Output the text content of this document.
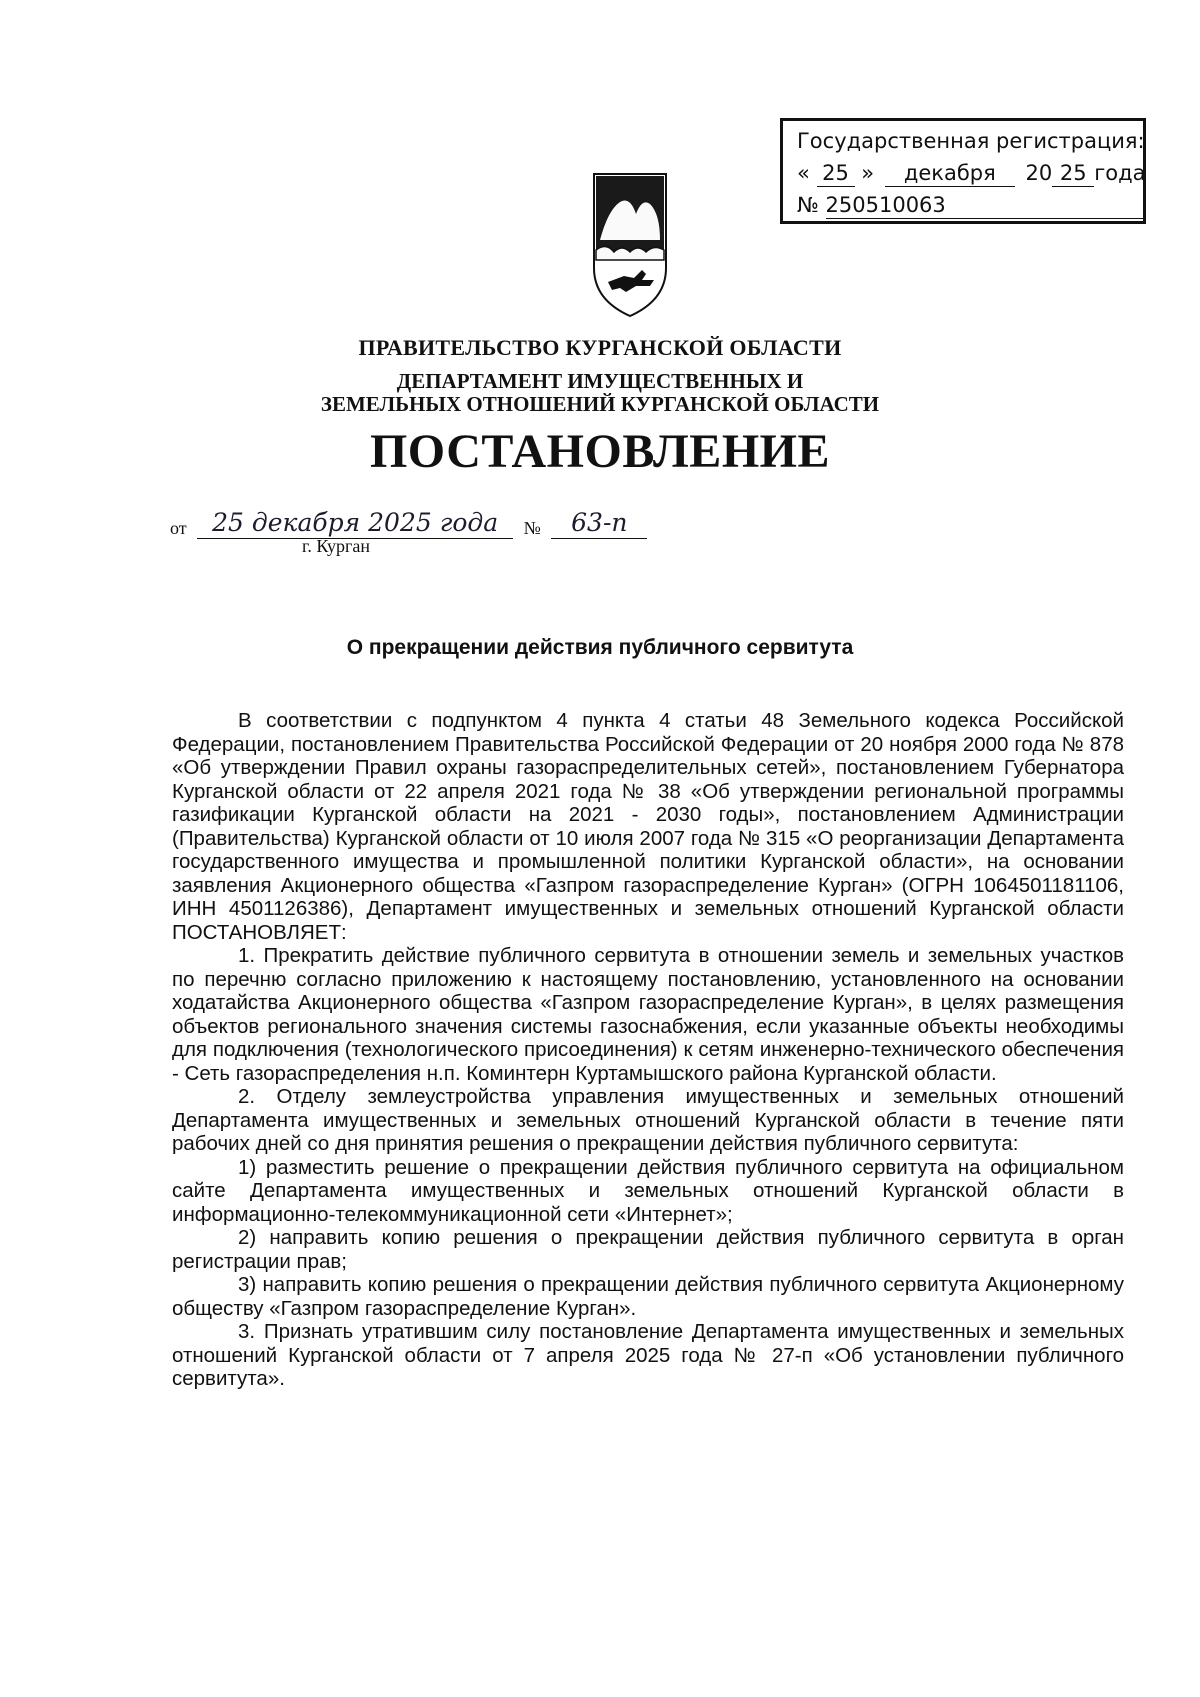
Государственная регистрация:
« 25 » декабря 20 25 года
№ 250510063
ПРАВИТЕЛЬСТВО КУРГАНСКОЙ ОБЛАСТИ
ДЕПАРТАМЕНТ ИМУЩЕСТВЕННЫХ И
ЗЕМЕЛЬНЫХ ОТНОШЕНИЙ КУРГАНСКОЙ ОБЛАСТИ
ПОСТАНОВЛЕНИЕ
от 25 декабря 2025 года № 63-п
г. Курган
О прекращении действия публичного сервитута

В соответствии с подпунктом 4 пункта 4 статьи 48 Земельного кодекса Российской Федерации, постановлением Правительства Российской Федерации от 20 ноября 2000 года № 878 «Об утверждении Правил охраны газораспределительных сетей», постановлением Губернатора Курганской области от 22 апреля 2021 года № 38 «Об утверждении региональной программы газификации Курганской области на 2021 - 2030 годы», постановлением Администрации (Правительства) Курганской области от 10 июля 2007 года № 315 «О реорганизации Департамента государственного имущества и промышленной политики Курганской области», на основании заявления Акционерного общества «Газпром газораспределение Курган» (ОГРН 1064501181106, ИНН 4501126386), Департамент имущественных и земельных отношений Курганской области ПОСТАНОВЛЯЕТ:

1. Прекратить действие публичного сервитута в отношении земель и земельных участков по перечню согласно приложению к настоящему постановлению, установленного на основании ходатайства Акционерного общества «Газпром газораспределение Курган», в целях размещения объектов регионального значения системы газоснабжения, если указанные объекты необходимы для подключения (технологического присоединения) к сетям инженерно-технического обеспечения - Сеть газораспределения н.п. Коминтерн Куртамышского района Курганской области.

2. Отделу землеустройства управления имущественных и земельных отношений Департамента имущественных и земельных отношений Курганской области в течение пяти рабочих дней со дня принятия решения о прекращении действия публичного сервитута:

1) разместить решение о прекращении действия публичного сервитута на официальном сайте Департамента имущественных и земельных отношений Курганской области в информационно-телекоммуникационной сети «Интернет»;

2) направить копию решения о прекращении действия публичного сервитута в орган регистрации прав;

3) направить копию решения о прекращении действия публичного сервитута Акционерному обществу «Газпром газораспределение Курган».

3. Признать утратившим силу постановление Департамента имущественных и земельных отношений Курганской области от 7 апреля 2025 года № 27-п «Об установлении публичного сервитута».
